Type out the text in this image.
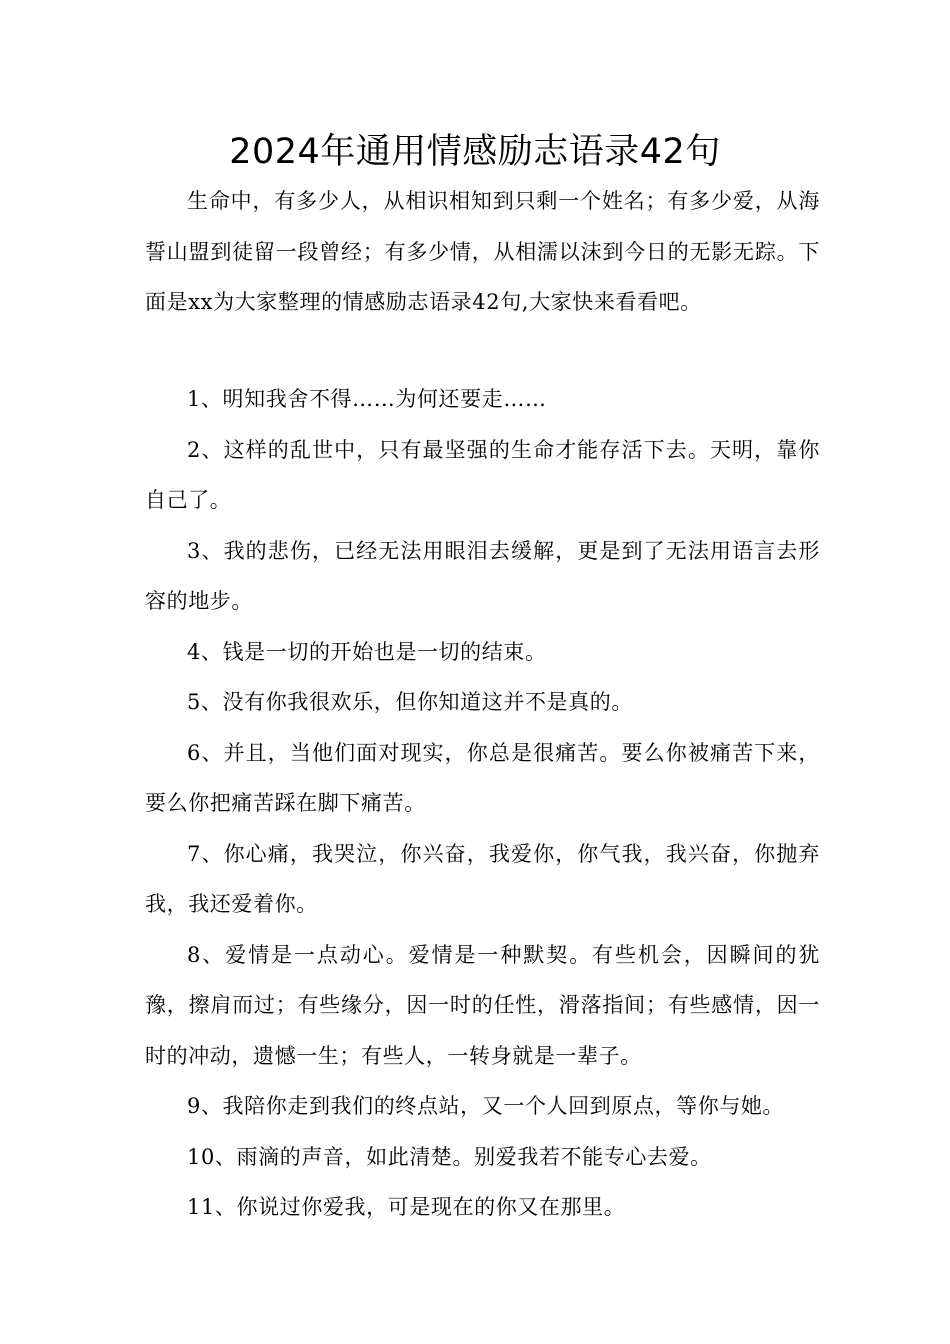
2024年通用情感励志语录42句

生命中，有多少人，从相识相知到只剩一个姓名；有多少爱，从海誓山盟到徒留一段曾经；有多少情，从相濡以沫到今日的无影无踪。下面是xx为大家整理的情感励志语录42句,大家快来看看吧。

1、明知我舍不得……为何还要走……

2、这样的乱世中，只有最坚强的生命才能存活下去。天明，靠你自己了。

3、我的悲伤，已经无法用眼泪去缓解，更是到了无法用语言去形容的地步。

4、钱是一切的开始也是一切的结束。

5、没有你我很欢乐，但你知道这并不是真的。

6、并且，当他们面对现实，你总是很痛苦。要么你被痛苦下来，要么你把痛苦踩在脚下痛苦。

7、你心痛，我哭泣，你兴奋，我爱你，你气我，我兴奋，你抛弃我，我还爱着你。

8、爱情是一点动心。爱情是一种默契。有些机会，因瞬间的犹豫，擦肩而过；有些缘分，因一时的任性，滑落指间；有些感情，因一时的冲动，遗憾一生；有些人，一转身就是一辈子。

9、我陪你走到我们的终点站，又一个人回到原点，等你与她。

10、雨滴的声音，如此清楚。别爱我若不能专心去爱。

11、你说过你爱我，可是现在的你又在那里。
